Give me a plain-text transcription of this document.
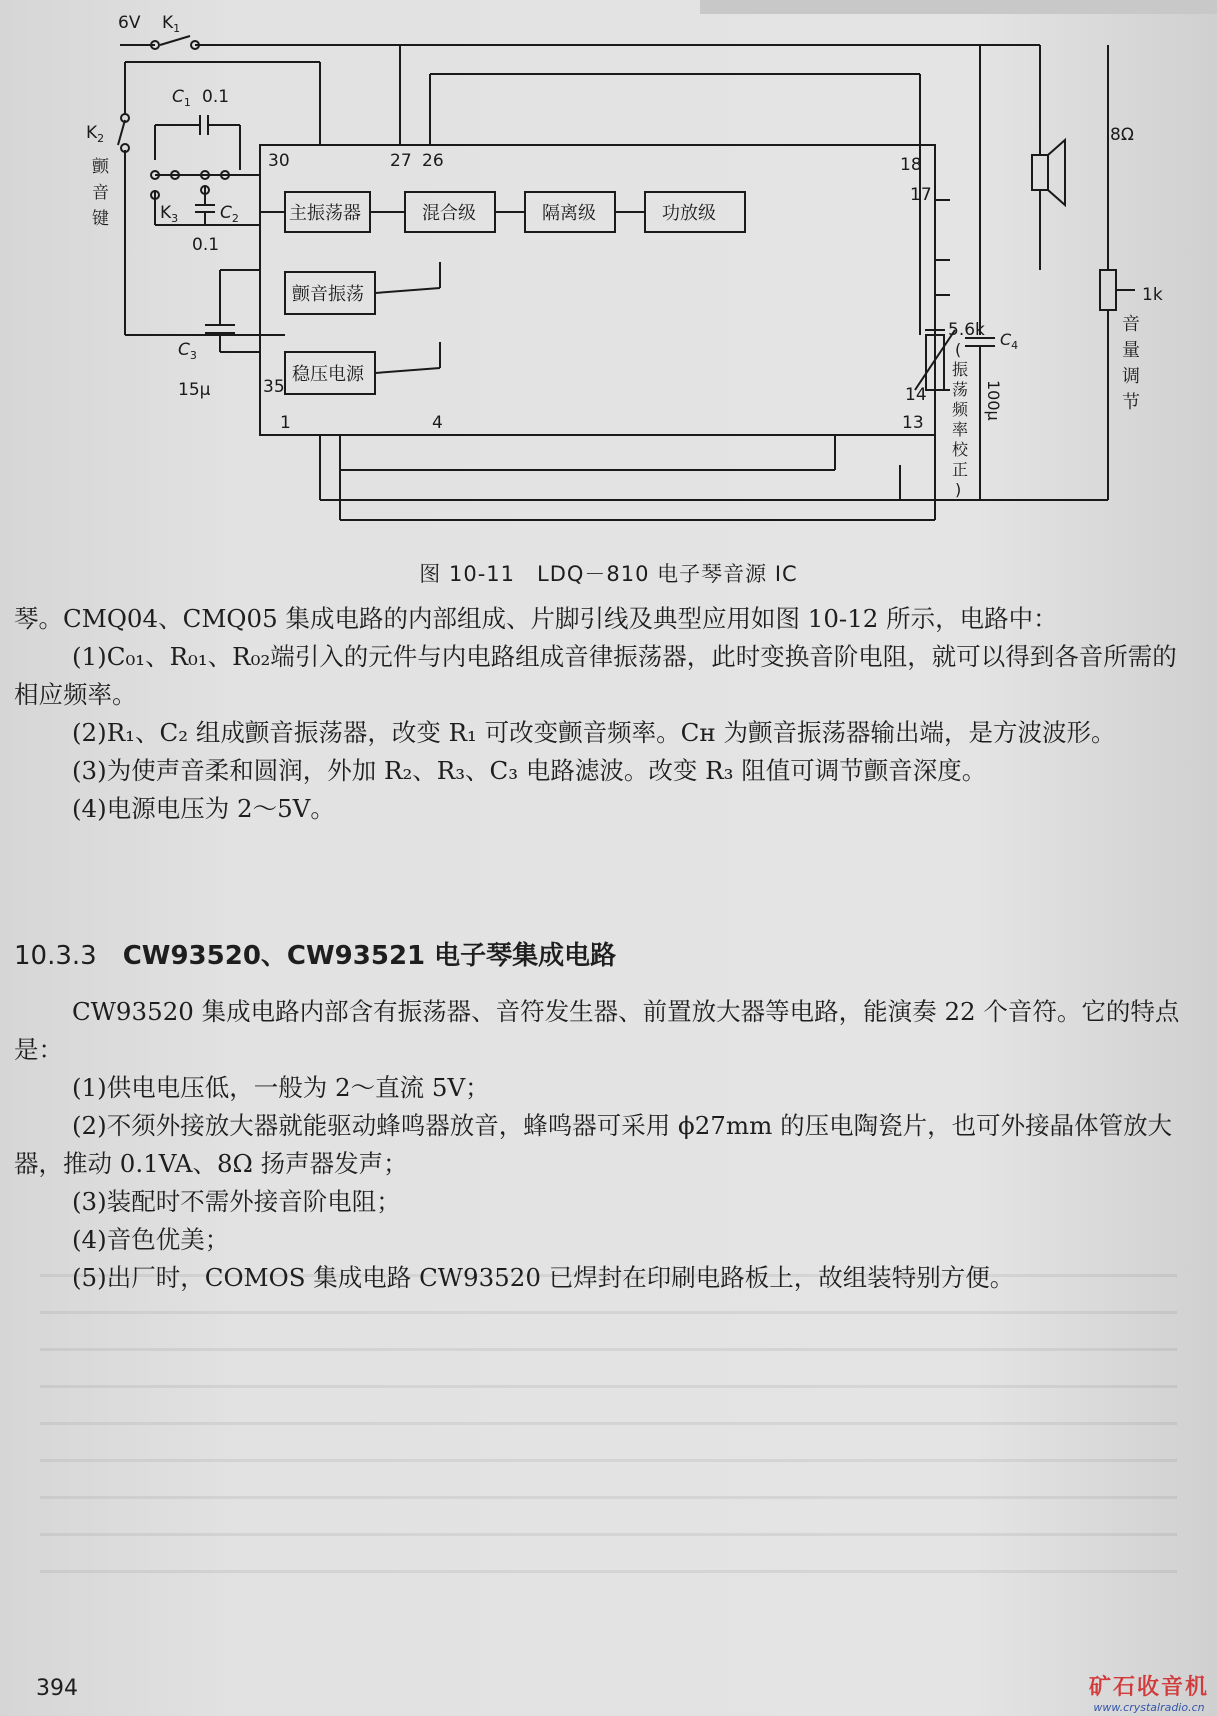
6V $K_1$
$K_2$
颤
音
键
$C_1$ 0.1
$K_3$ $C_2$
0.1
$C_3$
15μ
30	27 26	18
17
35
1	4
14
13
5.6k
8Ω
1k
主振荡器	混合级	隔离级	功放级
颤音振荡
稳压电源
(
振
荡
频
率
校
正
)
$C_4$
100μ
音
量
调
节
图 10-11　LDQ－810 电子琴音源 IC

琴。CMQ04、CMQ05 集成电路的内部组成、片脚引线及典型应用如图 10-12 所示，电路中：

(1)C₀₁、R₀₁、R₀₂端引入的元件与内电路组成音律振荡器，此时变换音阶电阻，就可以得到各音所需的相应频率。

(2)R₁、C₂ 组成颤音振荡器，改变 R₁ 可改变颤音频率。Cʜ 为颤音振荡器输出端，是方波波形。

(3)为使声音柔和圆润，外加 R₂、R₃、C₃ 电路滤波。改变 R₃ 阻值可调节颤音深度。

(4)电源电压为 2～5V。

10.3.3 CW93520、CW93521 电子琴集成电路

CW93520 集成电路内部含有振荡器、音符发生器、前置放大器等电路，能演奏 22 个音符。它的特点是：

(1)供电电压低，一般为 2～直流 5V；

(2)不须外接放大器就能驱动蜂鸣器放音，蜂鸣器可采用 ϕ27mm 的压电陶瓷片，也可外接晶体管放大器，推动 0.1VA、8Ω 扬声器发声；

(3)装配时不需外接音阶电阻；

(4)音色优美；

(5)出厂时，COMOS 集成电路 CW93520 已焊封在印刷电路板上，故组装特别方便。

394	矿石收音机
www.crystalradio.cn
